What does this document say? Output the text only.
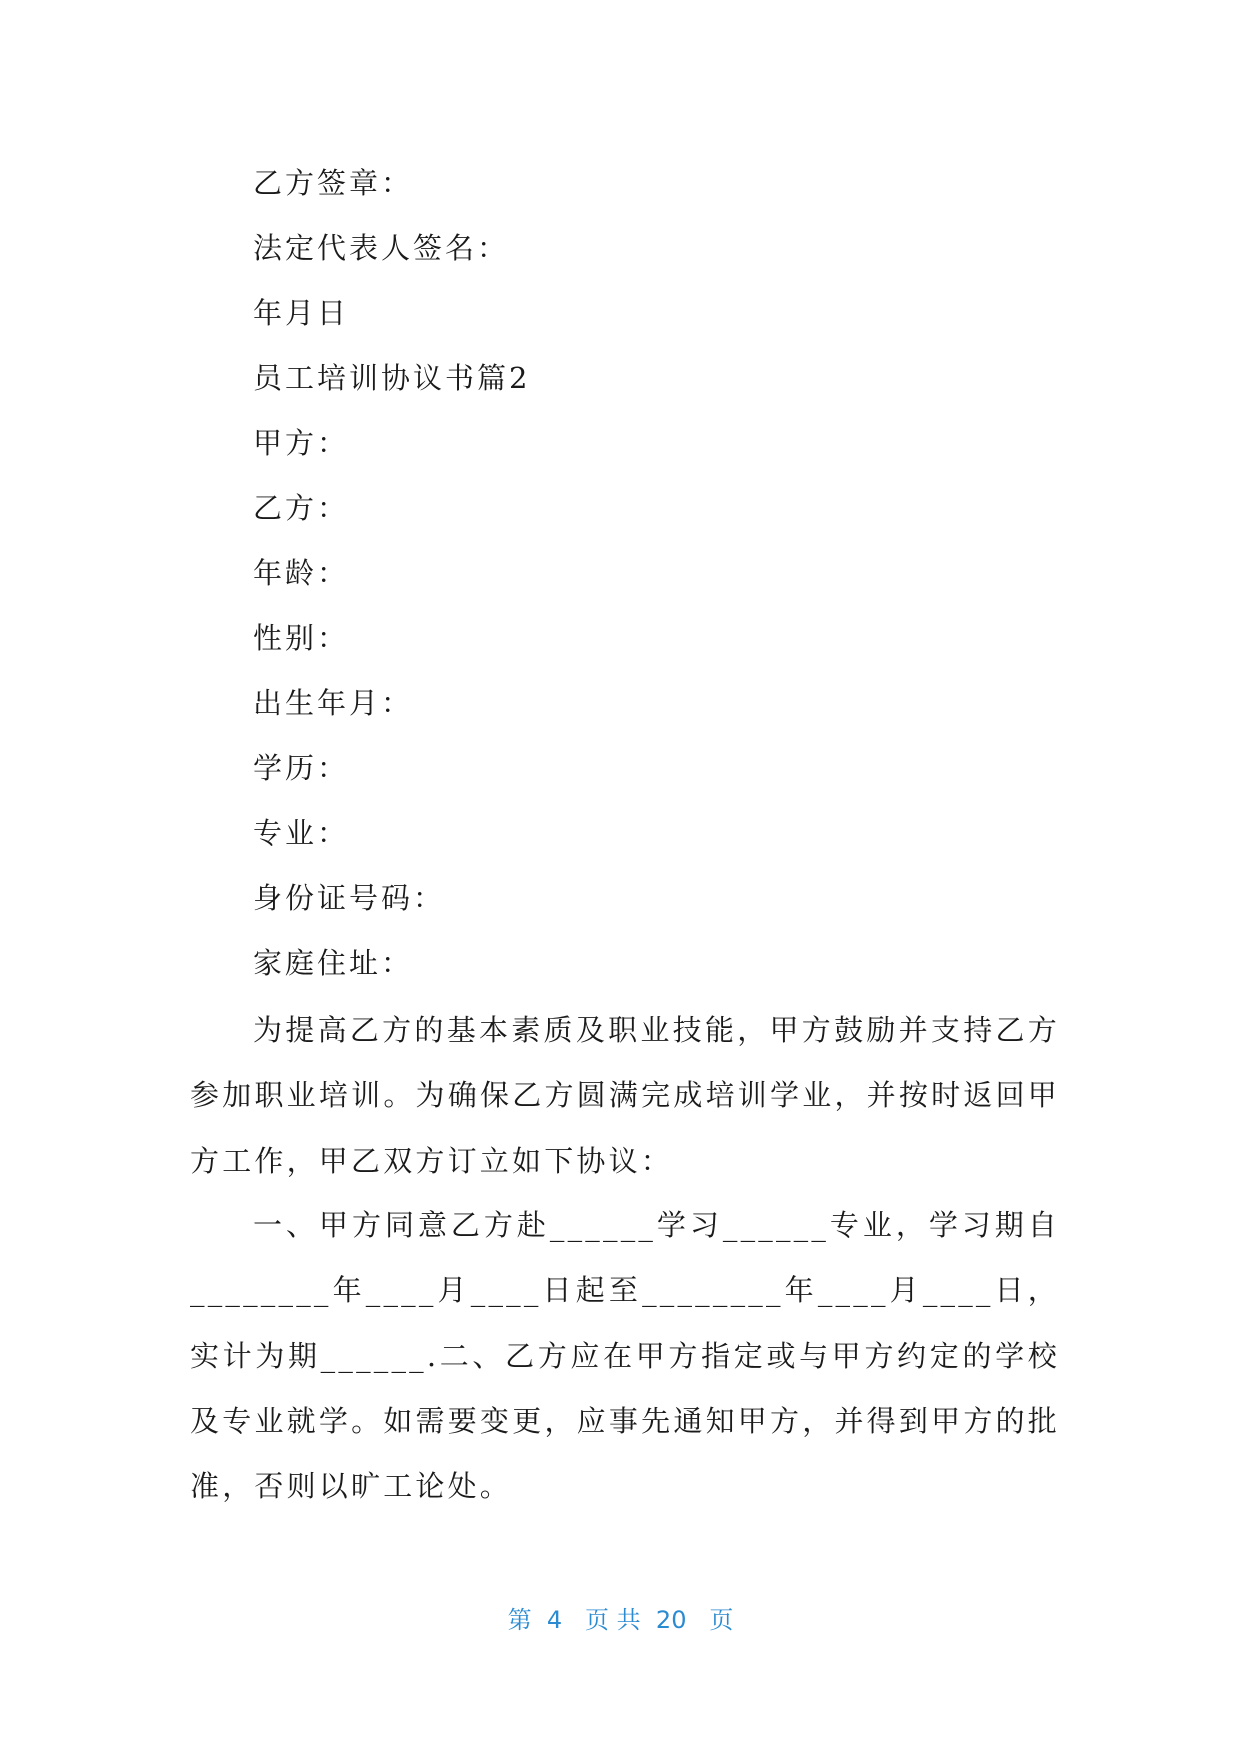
乙方签章：
法定代表人签名：
年月日
员工培训协议书篇2
甲方：
乙方：
年龄：
性别：
出生年月：
学历：
专业：
身份证号码：
家庭住址：
为提高乙方的基本素质及职业技能，甲方鼓励并支持乙方参加职业培训。为确保乙方圆满完成培训学业，并按时返回甲方工作，甲乙双方订立如下协议：
一、甲方同意乙方赴______学习______专业，学习期自________年____月____日起至________年____月____日，实计为期______.二、乙方应在甲方指定或与甲方约定的学校及专业就学。如需要变更，应事先通知甲方，并得到甲方的批准，否则以旷工论处。
第  4   页 共  20   页
